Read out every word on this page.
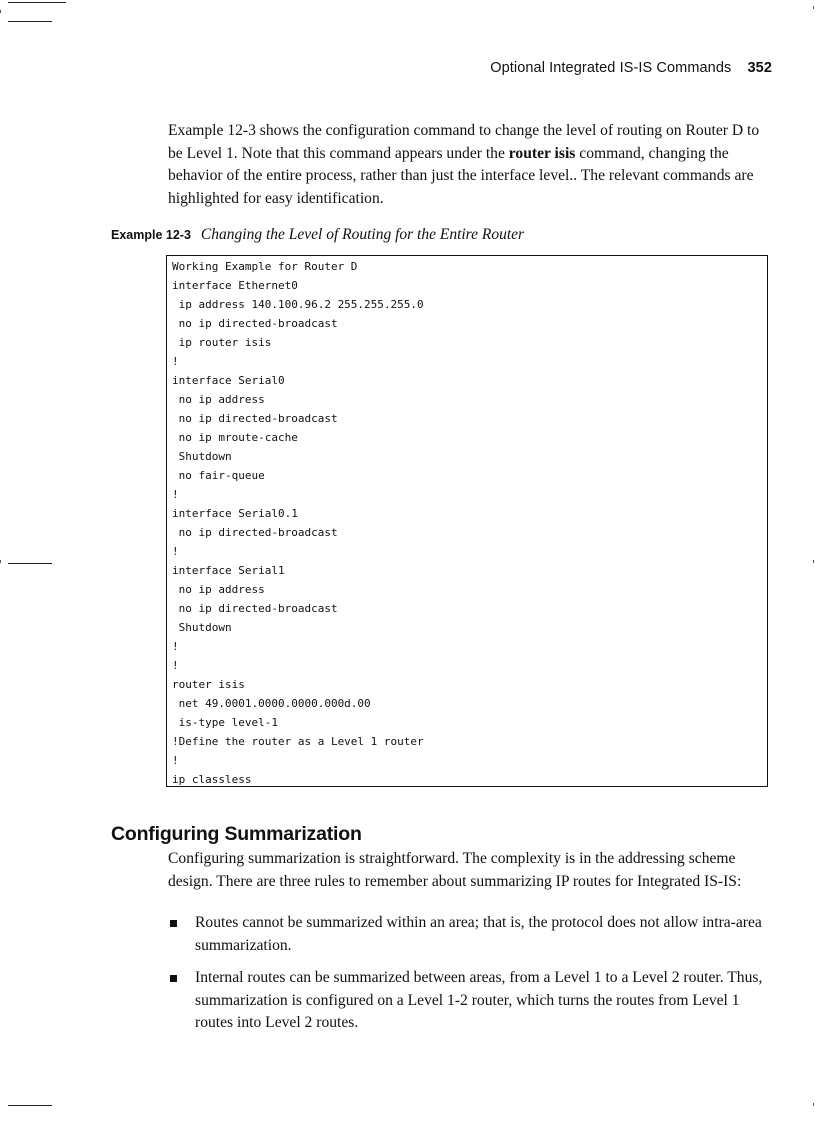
Optional Integrated IS-IS Commands 352

Example 12-3 shows the configuration command to change the level of routing on Router D to be Level 1. Note that this command appears under the router isis command, changing the behavior of the entire process, rather than just the interface level.. The relevant commands are highlighted for easy identification.

Example 12-3 Changing the Level of Routing for the Entire Router
Working Example for Router D
interface Ethernet0
ip address 140.100.96.2 255.255.255.0
no ip directed-broadcast
ip router isis
!
interface Serial0
no ip address
no ip directed-broadcast
no ip mroute-cache
Shutdown
no fair-queue
!
interface Serial0.1
no ip directed-broadcast
!
interface Serial1
no ip address
no ip directed-broadcast
Shutdown
!
!
router isis
net 49.0001.0000.0000.000d.00
is-type level-1
!Define the router as a Level 1 router
!
ip classless
Configuring Summarization

Configuring summarization is straightforward. The complexity is in the addressing scheme design. There are three rules to remember about summarizing IP routes for Integrated IS-IS:

Routes cannot be summarized within an area; that is, the protocol does not allow intra-area summarization.
Internal routes can be summarized between areas, from a Level 1 to a Level 2 router. Thus, summarization is configured on a Level 1-2 router, which turns the routes from Level 1 routes into Level 2 routes.
